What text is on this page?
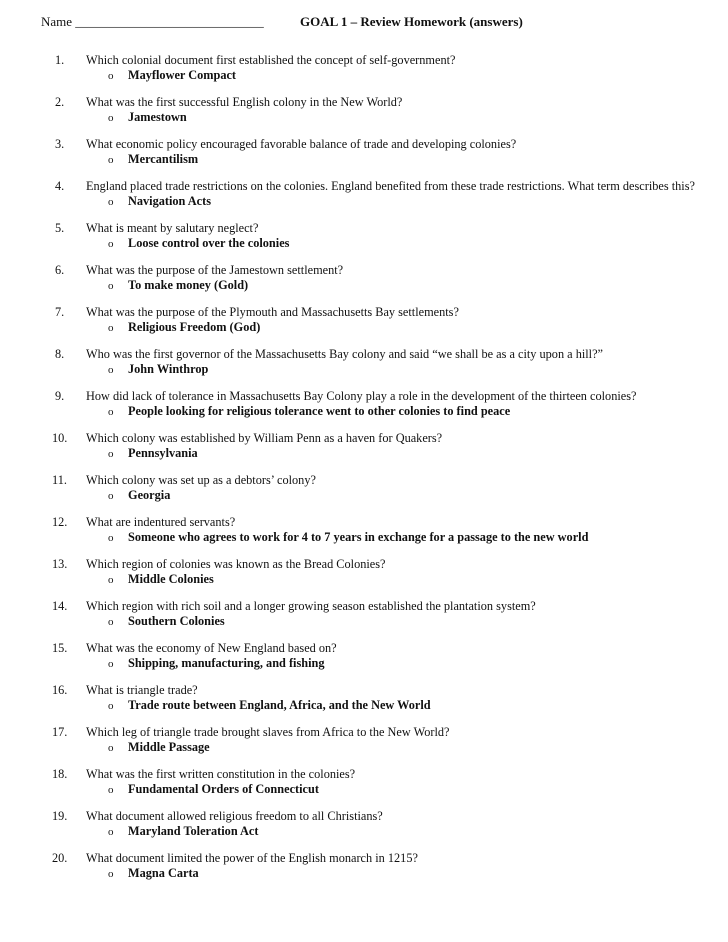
Name _____________________________	GOAL 1 – Review Homework (answers)
1.	Which colonial document first established the concept of self-government?
o Mayflower Compact
2.	What was the first successful English colony in the New World?
o Jamestown
3.	What economic policy encouraged favorable balance of trade and developing colonies?
o Mercantilism
4.	England placed trade restrictions on the colonies. England benefited from these trade restrictions. What term describes this?
o Navigation Acts
5.	What is meant by salutary neglect?
o Loose control over the colonies
6.	What was the purpose of the Jamestown settlement?
o To make money (Gold)
7.	What was the purpose of the Plymouth and Massachusetts Bay settlements?
o Religious Freedom (God)
8.	Who was the first governor of the Massachusetts Bay colony and said “we shall be as a city upon a hill?”
o John Winthrop
9.	How did lack of tolerance in Massachusetts Bay Colony play a role in the development of the thirteen colonies?
o People looking for religious tolerance went to other colonies to find peace
10.	Which colony was established by William Penn as a haven for Quakers?
o Pennsylvania
11.	Which colony was set up as a debtors’ colony?
o Georgia
12.	What are indentured servants?
o Someone who agrees to work for 4 to 7 years in exchange for a passage to the new world
13.	Which region of colonies was known as the Bread Colonies?
o Middle Colonies
14.	Which region with rich soil and a longer growing season established the plantation system?
o Southern Colonies
15.	What was the economy of New England based on?
o Shipping, manufacturing, and fishing
16.	What is triangle trade?
o Trade route between England, Africa, and the New World
17.	Which leg of triangle trade brought slaves from Africa to the New World?
o Middle Passage
18.	What was the first written constitution in the colonies?
o Fundamental Orders of Connecticut
19.	What document allowed religious freedom to all Christians?
o Maryland Toleration Act
20.	What document limited the power of the English monarch in 1215?
o Magna Carta
